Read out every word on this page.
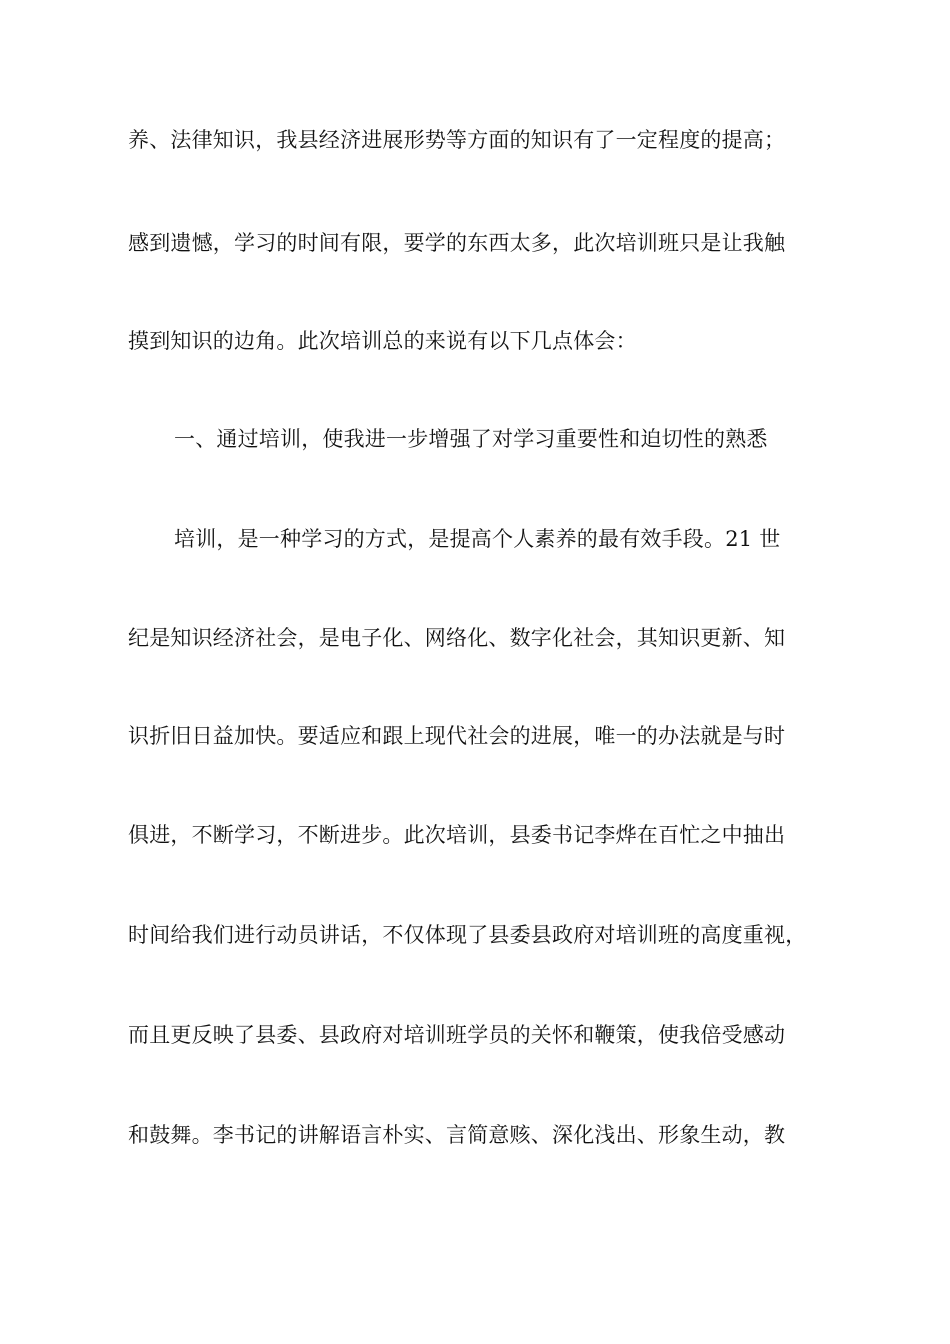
养、法律知识，我县经济进展形势等方面的知识有了一定程度的提高；
感到遗憾，学习的时间有限，要学的东西太多，此次培训班只是让我触
摸到知识的边角。此次培训总的来说有以下几点体会：
一、通过培训，使我进一步增强了对学习重要性和迫切性的熟悉
培训，是一种学习的方式，是提高个人素养的最有效手段。21 世
纪是知识经济社会，是电子化、网络化、数字化社会，其知识更新、知
识折旧日益加快。要适应和跟上现代社会的进展，唯一的办法就是与时
俱进，不断学习，不断进步。此次培训，县委书记李烨在百忙之中抽出
时间给我们进行动员讲话，不仅体现了县委县政府对培训班的高度重视，
而且更反映了县委、县政府对培训班学员的关怀和鞭策，使我倍受感动
和鼓舞。李书记的讲解语言朴实、言简意赅、深化浅出、形象生动，教
